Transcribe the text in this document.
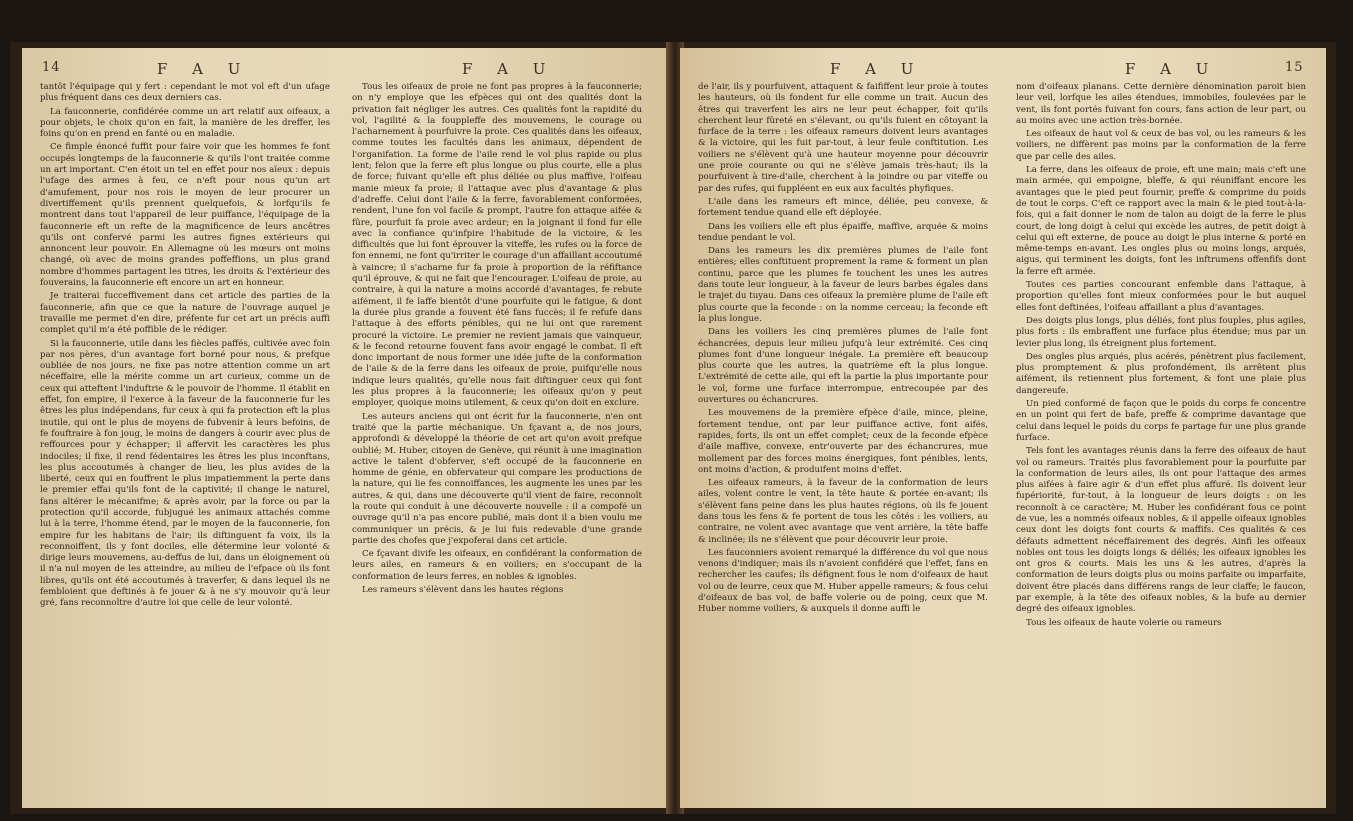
14	F A U	F A U

tantôt l'équipage qui y fert : cependant le mot vol eft d'un ufage plus fréquent dans ces deux derniers cas.

La fauconnerie, confidérée comme un art relatif aux oifeaux, a pour objets, le choix qu'on en fait, la manière de les dreffer, les foins qu'on en prend en fanté ou en maladie.

Ce fimple énoncé fuffit pour faire voir que les hommes fe font occupés longtemps de la fauconnerie & qu'ils l'ont traitée comme un art important. C'en étoit un tel en effet pour nos aïeux : depuis l'ufage des armes à feu, ce n'eft pour nous qu'un art d'amufement, pour nos rois le moyen de leur procurer un divertiffement qu'ils prennent quelquefois, & lorfqu'ils fe montrent dans tout l'appareil de leur puiffance, l'équipage de la fauconnerie eft un refte de la magnificence de leurs ancêtres qu'ils ont confervé parmi les autres fignes extérieurs qui annoncent leur pouvoir. En Allemagne où les mœurs ont moins changé, où avec de moins grandes poffeffions, un plus grand nombre d'hommes partagent les titres, les droits & l'extérieur des fouverains, la fauconnerie eft encore un art en honneur.

Je traiterai fucceffivement dans cet article des parties de la fauconnerie, afin que ce que la nature de l'ouvrage auquel je travaille me permet d'en dire, préfente fur cet art un précis auffi complet qu'il m'a été poffible de le rédiger.

Si la fauconnerie, utile dans les fiècles paffés, cultivée avec foin par nos pères, d'un avantage fort borné pour nous, & prefque oubliée de nos jours, ne fixe pas notre attention comme un art néceffaire, elle la mérite comme un art curieux, comme un de ceux qui atteftent l'induftrie & le pouvoir de l'homme. Il établit en effet, fon empire, il l'exerce à la faveur de la fauconnerie fur les êtres les plus indépendans, fur ceux à qui fa protection eft la plus inutile, qui ont le plus de moyens de fubvenir à leurs befoins, de fe fouftraire à fon joug, le moins de dangers à courir avec plus de reffources pour y échapper; il affervit les caractères les plus indociles; il fixe, il rend fédentaires les êtres les plus inconftans, les plus accoutumés à changer de lieu, les plus avides de la liberté, ceux qui en fouffrent le plus impatiemment la perte dans le premier effai qu'ils font de la captivité; il change le naturel, fans altérer le mécanifme; & après avoir, par la force ou par la protection qu'il accorde, fubjugué les animaux attachés comme lui à la terre, l'homme étend, par le moyen de la fauconnerie, fon empire fur les habitans de l'air; ils diftinguent fa voix, ils la reconnoiffent, ils y font dociles, elle détermine leur volonté & dirige leurs mouvemens, au-deffus de lui, dans un éloignement où il n'a nul moyen de les atteindre, au milieu de l'efpace où ils font libres, qu'ils ont été accoutumés à traverfer, & dans lequel ils ne fembloient que deftinés à fe jouer & à ne s'y mouvoir qu'à leur gré, fans reconnoître d'autre loi que celle de leur volonté.

Tous les oifeaux de proie ne font pas propres à la fauconnerie; on n'y employe que les efpèces qui ont des qualités dont la privation fait négliger les autres. Ces qualités font la rapidité du vol, l'agilité & la fouppleffe des mouvemens, le courage ou l'acharnement à pourfuivre la proie. Ces qualités dans les oifeaux, comme toutes les facultés dans les animaux, dépendent de l'organifation. La forme de l'aile rend le vol plus rapide ou plus lent; felon que la ferre eft plus longue ou plus courte, elle a plus de force; fuivant qu'elle eft plus déliée ou plus maffive, l'oifeau manie mieux fa proie; il l'attaque avec plus d'avantage & plus d'adreffe. Celui dont l'aile & la ferre, favorablement conformées, rendent, l'une fon vol facile & prompt, l'autre fon attaque aifée & fûre, pourfuit fa proie avec ardeur; en la joignant il fond fur elle avec la confiance qu'infpire l'habitude de la victoire, & les difficultés que lui font éprouver la viteffe, les rufes ou la force de fon ennemi, ne font qu'irriter le courage d'un affaillant accoutumé à vaincre; il s'acharne fur fa proie à proportion de la réfiftance qu'il éprouve, & qui ne fait que l'encourager. L'oifeau de proie, au contraire, à qui la nature a moins accordé d'avantages, fe rebute aifément, il fe laffe bientôt d'une pourfuite qui le fatigue, & dont la durée plus grande a fouvent été fans fuccès; il fe refufe dans l'attaque à des efforts pénibles, qui ne lui ont que rarement procuré la victoire. Le premier ne revient jamais que vainqueur, & le fecond retourne fouvent fans avoir engagé le combat. Il eft donc important de nous former une idée jufte de la conformation de l'aile & de la ferre dans les oifeaux de proie, puifqu'elle nous indique leurs qualités, qu'elle nous fait diftinguer ceux qui font les plus propres à la fauconnerie; les oifeaux qu'on y peut employer, quoique moins utilement, & ceux qu'on doit en exclure.

Les auteurs anciens qui ont écrit fur la fauconnerie, n'en ont traité que la partie méchanique. Un fçavant a, de nos jours, approfondi & développé la théorie de cet art qu'on avoit prefque oublié; M. Huber, citoyen de Genève, qui réunit à une imagination active le talent d'obferver, s'eft occupé de la fauconnerie en homme de génie, en obfervateur qui compare les productions de la nature, qui lie fes connoiffances, les augmente les unes par les autres, & qui, dans une découverte qu'il vient de faire, reconnoît la route qui conduit à une découverte nouvelle : il a compofé un ouvrage qu'il n'a pas encore publié, mais dont il a bien voulu me communiquer un précis, & je lui fuis redevable d'une grande partie des chofes que j'expoferai dans cet article.

Ce fçavant divife les oifeaux, en confidérant la conformation de leurs ailes, en rameurs & en voiliers; en s'occupant de la conformation de leurs ferres, en nobles & ignobles.

Les rameurs s'élèvent dans les hautes régions

F A U	F A U	15

de l'air, ils y pourfuivent, attaquent & faififfent leur proie à toutes les hauteurs, où ils fondent fur elle comme un trait. Aucun des êtres qui traverfent les airs ne leur peut échapper, foit qu'ils cherchent leur fûreté en s'élevant, ou qu'ils fuient en côtoyant la furface de la terre : les oifeaux rameurs doivent leurs avantages & la victoire, qui les fuit par-tout, à leur feule conftitution. Les voiliers ne s'élèvent qu'à une hauteur moyenne pour découvrir une proie courante ou qui ne s'élève jamais très-haut; ils la pourfuivent à tire-d'aile, cherchent à la joindre ou par viteffe ou par des rufes, qui fuppléent en eux aux facultés phyfiques.

L'aile dans les rameurs eft mince, déliée, peu convexe, & fortement tendue quand elle eft déployée.

Dans les voiliers elle eft plus épaiffe, maffive, arquée & moins tendue pendant le vol.

Dans les rameurs les dix premières plumes de l'aile font entières; elles conftituent proprement la rame & forment un plan continu, parce que les plumes fe touchent les unes les autres dans toute leur longueur, à la faveur de leurs barbes égales dans le trajet du tuyau. Dans ces oifeaux la première plume de l'aile eft plus courte que la feconde : on la nomme cerceau; la feconde eft la plus longue.

Dans les voiliers les cinq premières plumes de l'aile font échancrées, depuis leur milieu jufqu'à leur extrémité. Ces cinq plumes font d'une longueur inégale. La première eft beaucoup plus courte que les autres, la quatrième eft la plus longue. L'extrémité de cette aile, qui eft la partie la plus importante pour le vol, forme une furface interrompue, entrecoupée par des ouvertures ou échancrures.

Les mouvemens de la première efpèce d'aile, mince, pleine, fortement tendue, ont par leur puiffance active, font aifés, rapides, forts, ils ont un effet complet; ceux de la feconde efpèce d'aile maffive, convexe, entr'ouverte par des échancrures, mue mollement par des forces moins énergiques, font pénibles, lents, ont moins d'action, & produifent moins d'effet.

Les oifeaux rameurs, à la faveur de la conformation de leurs ailes, volent contre le vent, la tête haute & portée en-avant; ils s'élèvent fans peine dans les plus hautes régions, où ils fe jouent dans tous les fens & fe portent de tous les côtés : les voiliers, au contraire, ne volent avec avantage que vent arrière, la tête baffe & inclinée; ils ne s'élèvent que pour découvrir leur proie.

Les fauconniers avoient remarqué la différence du vol que nous venons d'indiquer; mais ils n'avoient confidéré que l'effet, fans en rechercher les caufes; ils défignent fous le nom d'oifeaux de haut vol ou de leurre, ceux que M. Huber appelle rameurs; & fous celui d'oifeaux de bas vol, de baffe volerie ou de poing, ceux que M. Huber nomme voiliers, & auxquels il donne auffi le

nom d'oifeaux planans. Cette dernière dénomination paroit bien leur veil, lorfque les ailes étendues, immobiles, foulevées par le vent, ils font portés fuivant fon cours, fans action de leur part, ou au moins avec une action très-bornée.

Les oifeaux de haut vol & ceux de bas vol, ou les rameurs & les voiliers, ne diffèrent pas moins par la conformation de la ferre que par celle des ailes.

La ferre, dans les oifeaux de proie, eft une main; mais c'eft une main armée, qui empoigne, bleffe, & qui réuniffant encore les avantages que le pied peut fournir, preffe & comprime du poids de tout le corps. C'eft ce rapport avec la main & le pied tout-à-la-fois, qui a fait donner le nom de talon au doigt de la ferre le plus court, de long doigt à celui qui excède les autres, de petit doigt à celui qui eft externe, de pouce au doigt le plus interne & porté en même-temps en-avant. Les ongles plus ou moins longs, arqués, aigus, qui terminent les doigts, font les inftrumens offenfifs dont la ferre eft armée.

Toutes ces parties concourant enfemble dans l'attaque, à proportion qu'elles font mieux conformées pour le but auquel elles font deftinées, l'oifeau affaillant a plus d'avantages.

Des doigts plus longs, plus déliés, font plus fouples, plus agiles, plus forts : ils embraffent une furface plus étendue; mus par un levier plus long, ils étreignent plus fortement.

Des ongles plus arqués, plus acérés, pénètrent plus facilement, plus promptement & plus profondément, ils arrêtent plus aifément, ils retiennent plus fortement, & font une plaie plus dangereufe.

Un pied conformé de façon que le poids du corps fe concentre en un point qui fert de bafe, preffe & comprime davantage que celui dans lequel le poids du corps fe partage fur une plus grande furface.

Tels font les avantages réunis dans la ferre des oifeaux de haut vol ou rameurs. Traités plus favorablement pour la pourfuite par la conformation de leurs ailes, ils ont pour l'attaque des armes plus aifées à faire agir & d'un effet plus affuré. Ils doivent leur fupériorité, fur-tout, à la longueur de leurs doigts : on les reconnoît à ce caractère; M. Huber les confidérant fous ce point de vue, les a nommés oifeaux nobles, & il appelle oifeaux ignobles ceux dont les doigts font courts & maffifs. Ces qualités & ces défauts admettent néceffairement des degrés. Ainfi les oifeaux nobles ont tous les doigts longs & déliés; les oifeaux ignobles les ont gros & courts. Mais les uns & les autres, d'après la conformation de leurs doigts plus ou moins parfaite ou imparfaite, doivent être placés dans différens rangs de leur claffe; le faucon, par exemple, à la tête des oifeaux nobles, & la bufe au dernier degré des oifeaux ignobles.

Tous les oifeaux de haute volerie ou rameurs
